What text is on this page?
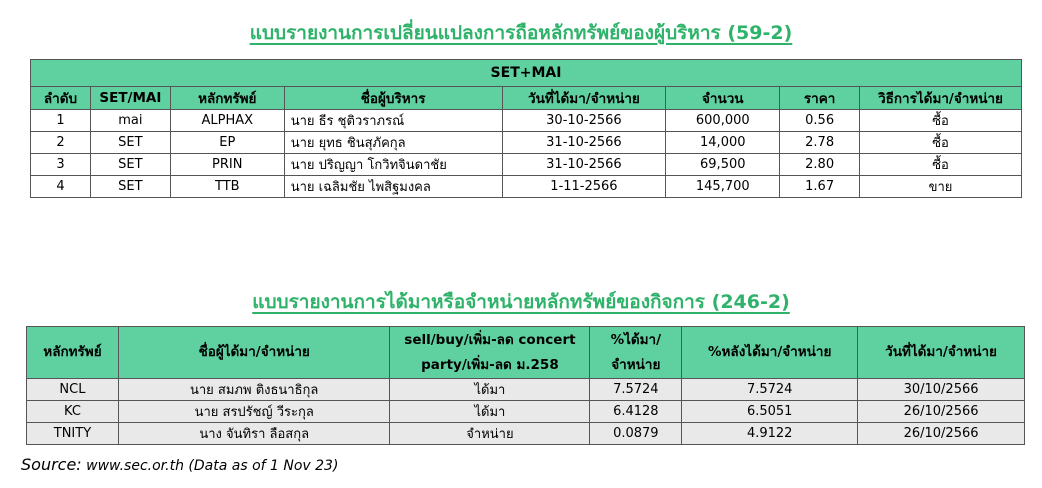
แบบรายงานการเปลี่ยนแปลงการถือหลักทรัพย์ของผู้บริหาร (59-2)
SET+MAI							
ลำดับ	SET/MAI	หลักทรัพย์	ชื่อผู้บริหาร	วันที่ได้มา/จำหน่าย	จำนวน	ราคา	วิธีการได้มา/จำหน่าย
1	mai	ALPHAX	นาย ธีร ชุติวราภรณ์	30-10-2566	600,000	0.56	ซื้อ
2	SET	EP	นาย ยุทธ ชินสุภัคกุล	31-10-2566	14,000	2.78	ซื้อ
3	SET	PRIN	นาย ปริญญา โกวิทจินดาชัย	31-10-2566	69,500	2.80	ซื้อ
4	SET	TTB	นาย เฉลิมชัย ไพสิฐมงคล	1-11-2566	145,700	1.67	ขาย
แบบรายงานการได้มาหรือจำหน่ายหลักทรัพย์ของกิจการ (246-2)
หลักทรัพย์	ชื่อผู้ได้มา/จำหน่าย	sell/buy/เพิ่ม-ลด concert
party/เพิ่ม-ลด ม.258	%ได้มา/
จำหน่าย	%หลังได้มา/จำหน่าย	วันที่ได้มา/จำหน่าย
NCL	นาย สมภพ ติงธนาธิกุล	ได้มา	7.5724	7.5724	30/10/2566
KC	นาย สรปรัชญ์ วีระกุล	ได้มา	6.4128	6.5051	26/10/2566
TNITY	นาง จันทิรา ลือสกุล	จำหน่าย	0.0879	4.9122	26/10/2566
Source: www.sec.or.th (Data as of 1 Nov 23)
